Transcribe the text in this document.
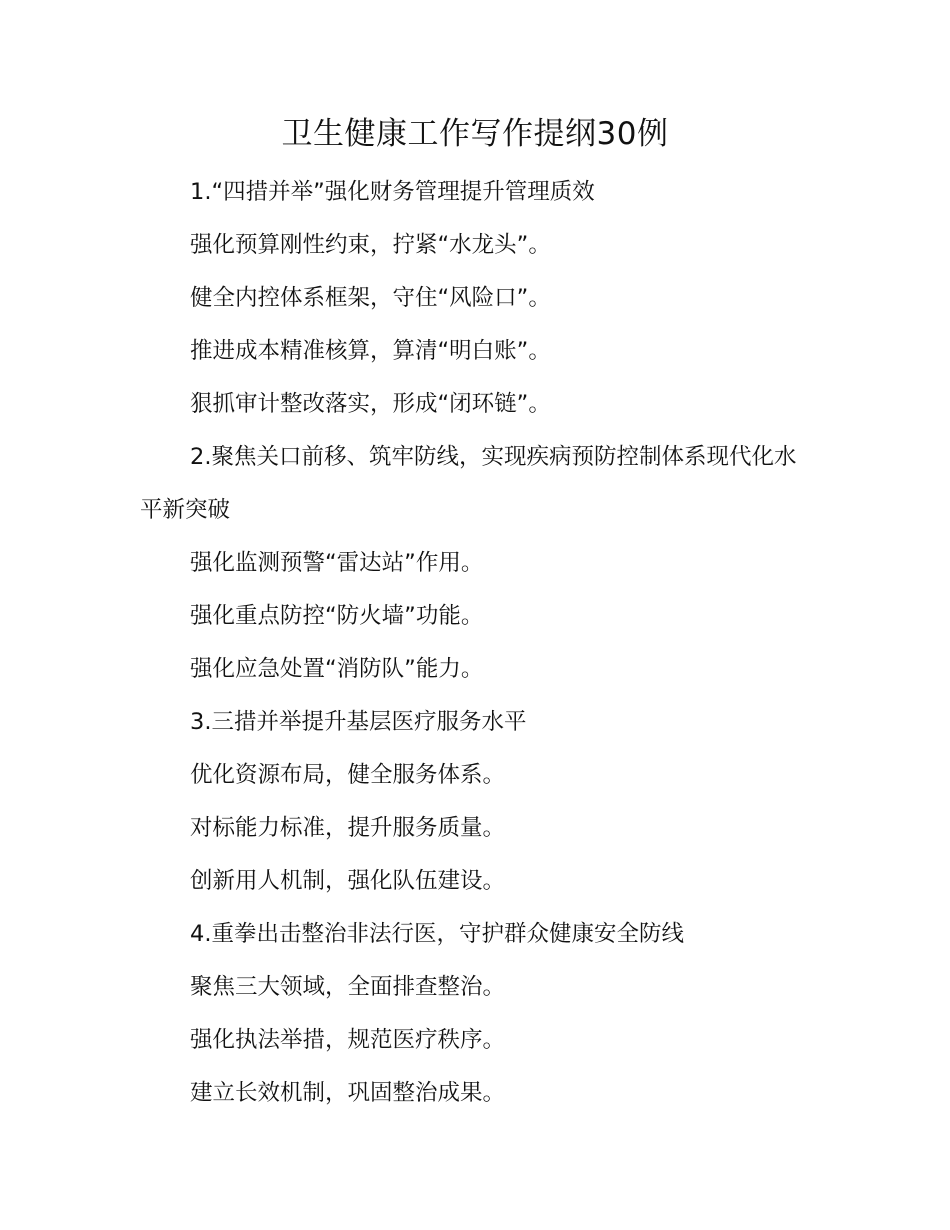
卫生健康工作写作提纲30例

1.“四措并举”强化财务管理提升管理质效

强化预算刚性约束，拧紧“水龙头”。

健全内控体系框架，守住“风险口”。

推进成本精准核算，算清“明白账”。

狠抓审计整改落实，形成“闭环链”。

2.聚焦关口前移、筑牢防线，实现疾病预防控制体系现代化水平新突破

强化监测预警“雷达站”作用。

强化重点防控“防火墙”功能。

强化应急处置“消防队”能力。

3.三措并举提升基层医疗服务水平

优化资源布局，健全服务体系。

对标能力标准，提升服务质量。

创新用人机制，强化队伍建设。

4.重拳出击整治非法行医，守护群众健康安全防线

聚焦三大领域，全面排查整治。

强化执法举措，规范医疗秩序。

建立长效机制，巩固整治成果。
